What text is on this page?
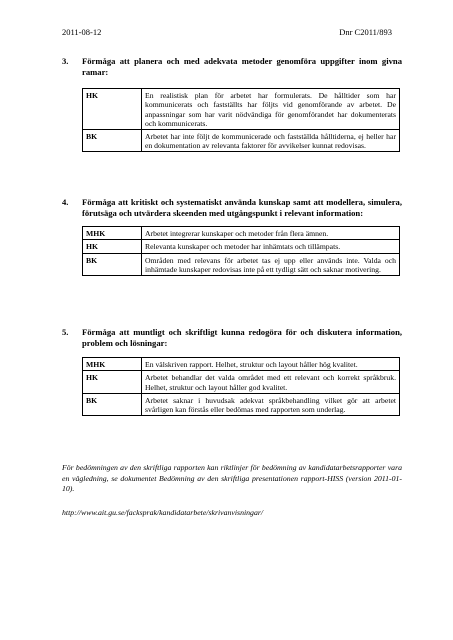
2011-08-12	Dnr C2011/893
3.	Förmåga att planera och med adekvata metoder genomföra uppgifter inom givna ramar:
HK	En realistisk plan för arbetet har formulerats. De hålltider som har kommunicerats och fastställts har följts vid genomförande av arbetet. De anpassningar som har varit nödvändiga för genomförandet har dokumenterats och kommunicerats.
BK	Arbetet har inte följt de kommunicerade och fastställda hålltiderna, ej heller har en dokumentation av relevanta faktorer för avvikelser kunnat redovisas.
4.	Förmåga att kritiskt och systematiskt använda kunskap samt att modellera, simulera, förutsäga och utvärdera skeenden med utgångspunkt i relevant information:
MHK	Arbetet integrerar kunskaper och metoder från flera ämnen.
HK	Relevanta kunskaper och metoder har inhämtats och tillämpats.
BK	Områden med relevans för arbetet tas ej upp eller används inte. Valda och inhämtade kunskaper redovisas inte på ett tydligt sätt och saknar motivering.
5.	Förmåga att muntligt och skriftligt kunna redogöra för och diskutera information, problem och lösningar:
MHK	En välskriven rapport. Helhet, struktur och layout håller hög kvalitet.
HK	Arbetet behandlar det valda området med ett relevant och korrekt språkbruk. Helhet, struktur och layout håller god kvalitet.
BK	Arbetet saknar i huvudsak adekvat språkbehandling vilket gör att arbetet svårligen kan förstås eller bedömas med rapporten som underlag.
För bedömningen av den skriftliga rapporten kan riktlinjer för bedömning av kandidatarbetsrapporter vara en vägledning, se dokumentet Bedömning av den skriftliga presentationen rapport-HISS (version 2011-01-10).
http://www.ait.gu.se/facksprak/kandidatarbete/skrivanvisningar/
